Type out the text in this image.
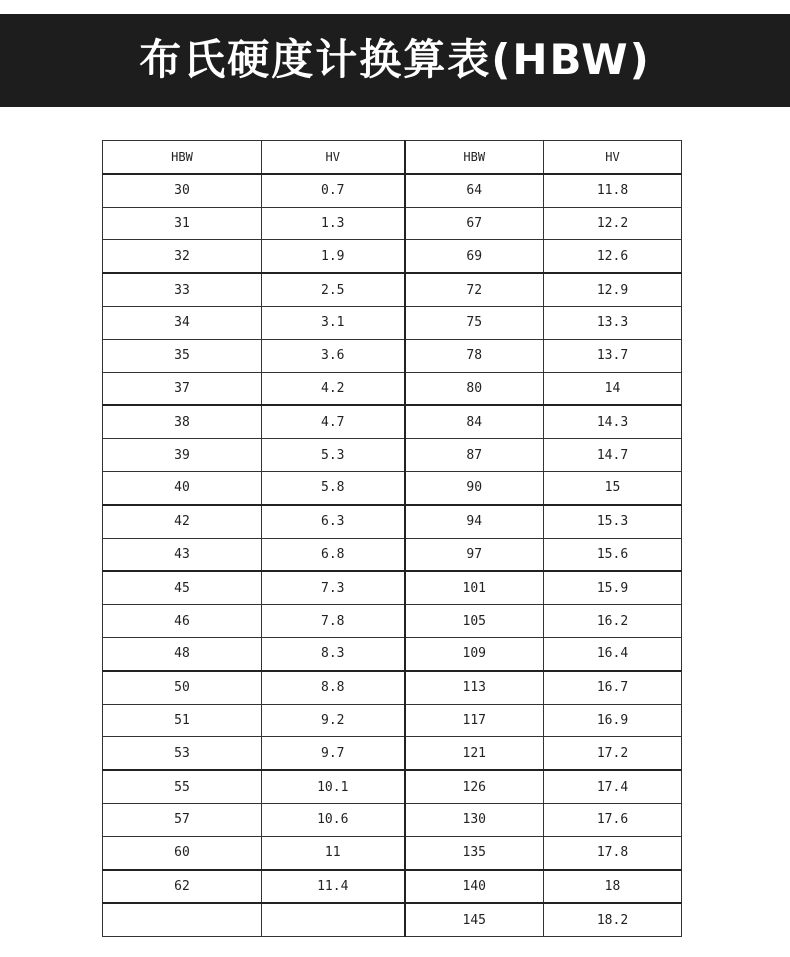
布氏硬度计换算表(HBW)
HBW	HV	HBW	HV
30	0.7	64	11.8
31	1.3	67	12.2
32	1.9	69	12.6
33	2.5	72	12.9
34	3.1	75	13.3
35	3.6	78	13.7
37	4.2	80	14
38	4.7	84	14.3
39	5.3	87	14.7
40	5.8	90	15
42	6.3	94	15.3
43	6.8	97	15.6
45	7.3	101	15.9
46	7.8	105	16.2
48	8.3	109	16.4
50	8.8	113	16.7
51	9.2	117	16.9
53	9.7	121	17.2
55	10.1	126	17.4
57	10.6	130	17.6
60	11	135	17.8
62	11.4	140	18
		145	18.2
